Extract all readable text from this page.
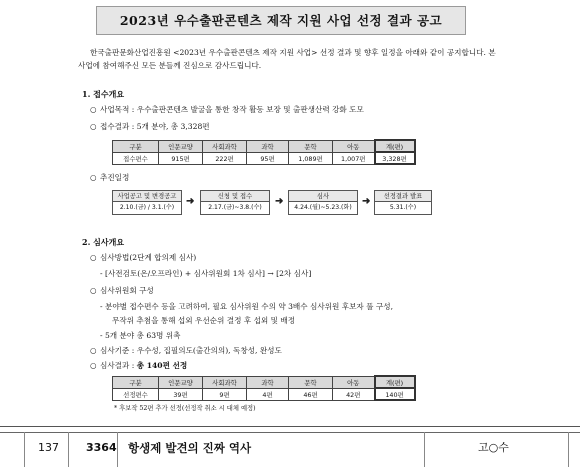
2023년 우수출판콘텐츠 제작 지원 사업 선정 결과 공고
한국출판문화산업진흥원 <2023년 우수출판콘텐츠 제작 지원 사업> 선정 결과 및 향후 일정을 아래와 같이 공지합니다. 본 사업에 참여해주신 모든 분들께 진심으로 감사드립니다.
1. 접수개요
○ 사업목적 : 우수출판콘텐츠 발굴을 통한 창작 활동 보장 및 출판생산력 강화 도모
○ 접수결과 : 5개 분야, 총 3,328편
구분	인문교양	사회과학	과학	문학	아동	계(편)
접수편수	915편	222편	95편	1,089편	1,007편	3,328편
○ 추진일정
사업공고 및 변경공고
2.10.(금) / 3.1.(수)
➜	신청 및 접수
2.17.(금)~3.8.(수)
➜	심사
4.24.(월)~5.23.(화)
➜	선정결과 발표
5.31.(수)
2. 심사개요
○ 심사방법(2단계 합의제 심사)
- [사전검토(온/오프라인) + 심사위원회 1차 심사] → [2차 심사]
○ 심사위원회 구성
- 분야별 접수편수 등을 고려하여, 필요 심사위원 수의 약 3배수 심사위원 후보자 풀 구성,
무작위 추첨을 통해 섭외 우선순위 결정 후 섭외 및 배정
- 5개 분야 총 63명 위촉
○ 심사기준 : 우수성, 집필의도(출간의의), 독창성, 완성도
○ 심사결과 : 총 140편 선정
구분	인문교양	사회과학	과학	문학	아동	계(편)
선정편수	39편	9편	4편	46편	42편	140편
* 후보작 52편 추가 선정(선정작 취소 시 대체 예정)
137 3364 항생제 발견의 진짜 역사	고○수
